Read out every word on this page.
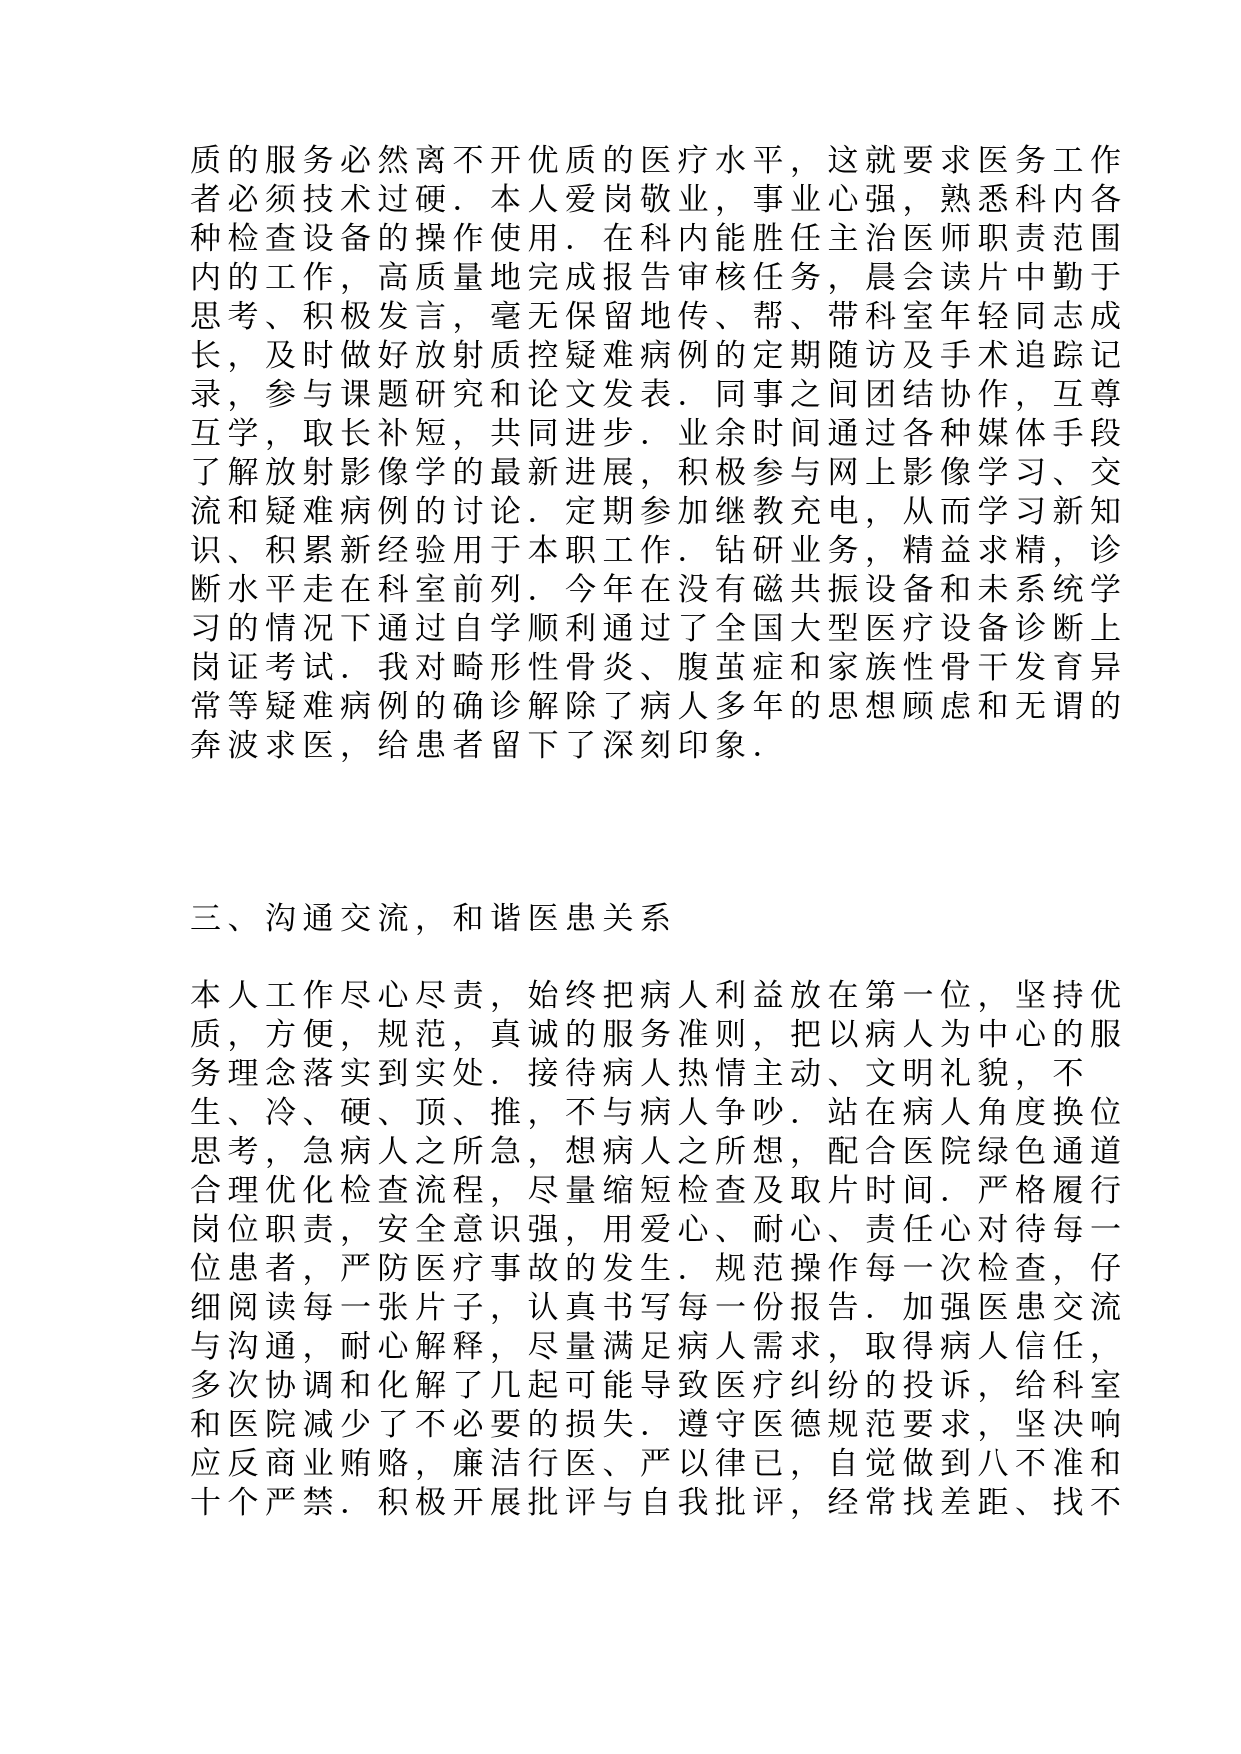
质的服务必然离不开优质的医疗水平，这就要求医务工作
者必须技术过硬．本人爱岗敬业，事业心强，熟悉科内各
种检查设备的操作使用．在科内能胜任主治医师职责范围
内的工作，高质量地完成报告审核任务，晨会读片中勤于
思考、积极发言，毫无保留地传、帮、带科室年轻同志成
长，及时做好放射质控疑难病例的定期随访及手术追踪记
录，参与课题研究和论文发表．同事之间团结协作，互尊
互学，取长补短，共同进步．业余时间通过各种媒体手段
了解放射影像学的最新进展，积极参与网上影像学习、交
流和疑难病例的讨论．定期参加继教充电，从而学习新知
识、积累新经验用于本职工作．钻研业务，精益求精，诊
断水平走在科室前列．今年在没有磁共振设备和未系统学
习的情况下通过自学顺利通过了全国大型医疗设备诊断上
岗证考试．我对畸形性骨炎、腹茧症和家族性骨干发育异
常等疑难病例的确诊解除了病人多年的思想顾虑和无谓的
奔波求医，给患者留下了深刻印象．
三、沟通交流，和谐医患关系
本人工作尽心尽责，始终把病人利益放在第一位，坚持优
质，方便，规范，真诚的服务准则，把以病人为中心的服
务理念落实到实处．接待病人热情主动、文明礼貌，不
生、冷、硬、顶、推，不与病人争吵．站在病人角度换位
思考，急病人之所急，想病人之所想，配合医院绿色通道
合理优化检查流程，尽量缩短检查及取片时间．严格履行
岗位职责，安全意识强，用爱心、耐心、责任心对待每一
位患者，严防医疗事故的发生．规范操作每一次检查，仔
细阅读每一张片子，认真书写每一份报告．加强医患交流
与沟通，耐心解释，尽量满足病人需求，取得病人信任，
多次协调和化解了几起可能导致医疗纠纷的投诉，给科室
和医院减少了不必要的损失．遵守医德规范要求，坚决响
应反商业贿赂，廉洁行医、严以律已，自觉做到八不准和
十个严禁．积极开展批评与自我批评，经常找差距、找不
